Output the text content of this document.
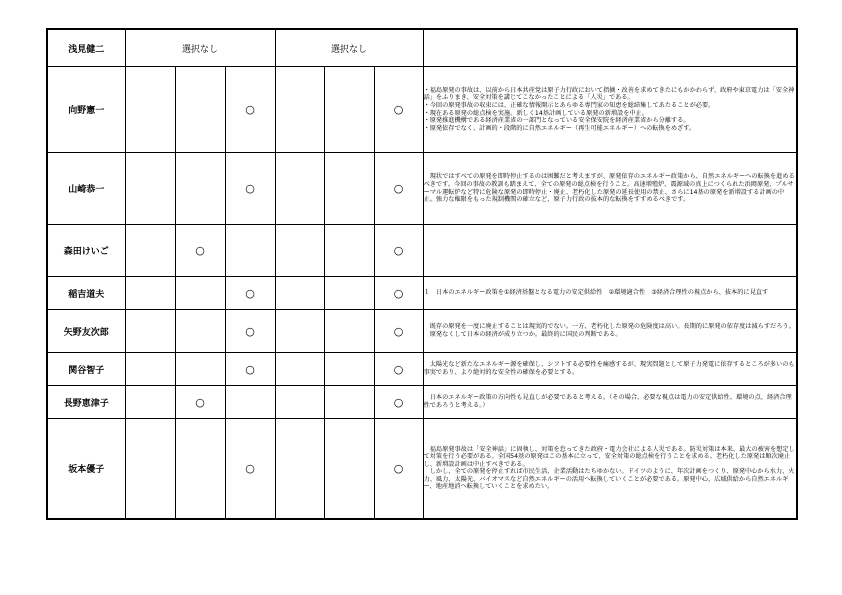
浅見健二	選択なし			選択なし			
向野憲一			○			○	・福島原発の事故は、以前から日本共産党は原子力行政において指摘・改善を求めてきたにもかかわらず、政府や東京電力は「安全神話」をふりまき、安全対策を講じてこなかったことによる「人災」である。
・今回の原発事故の収束には、正確な情報開示とあらゆる専門家の知恵を総結集してあたることが必要。
・現在ある原発の総点検を実施。新しく14基計画している原発の新増設を中止。
・原発推進機構である経済産業省の一部門となっている安全保安院を経済産業省から分離する。
・原発依存でなく、計画的・段階的に自然エネルギー（再生可能エネルギー）への転換をめざす。
山崎恭一			○			○	　現状ではすべての原発を即時停止するのは困難だと考えますが、原発依存のエネルギー政策から、自然エネルギーへの転換を進めるべきです。今回の事故の教訓も踏まえて、全ての原発の総点検を行うこと。高速増殖炉、震源域の真上につくられた浜岡原発、プルサーマル運転炉など特に危険な原発の即時停止・廃止、老朽化した原発の延長使用の禁止、さらに14基の原発を新増設する計画の中止。強力な権限をもった規制機関の確立など、原子力行政の抜本的な転換をすすめるべきです。
森田けいご		○				○	
稲吉道夫			○			○	１　日本のエネルギー政策を①経済基盤となる電力の安定供給性　②環境適合性　③経済合理性の視点から、抜本的に見直す
矢野友次郎			○			○	　既存の原発を一度に廃止することは現実的でない。一方、老朽化した原発の危険度は高い。長期的に原発の依存度は減らすだろう。
　原発なくして日本の経済が成り立つか。最終的に国民の判断である。
関谷智子			○			○	　太陽光など新たなエネルギー源を確保し、シフトする必要性を痛感するが、現実問題として原子力発電に依存するところが多いのも事実であり、より絶対的な安全性の確保を必要とする。
長野恵津子		○				○	　日本のエネルギー政策の方向性も見直しが必要であると考える。（その場合、必要な視点は電力の安定供給性、環境の点、経済合理性であろうと考える。）
坂本優子			○			○	　福島原発事故は「安全神話」に固執し、対策を怠ってきた政府・電力会社による人災である。防災対策は本来、最大の被害を想定して対策を行う必要がある。全国54基の原発はこの基本に立って、安全対策の総点検を行うことを求める。老朽化した原発は順次廃止し、新増設計画は中止すべきである。
　しかし、全ての原発を停止すれば市民生活、企業活動はたちゆかない。ドイツのように、年次計画をつくり、原発中心から水力、火力、風力、太陽光、バイオマスなど自然エネルギーの活用へ転換していくことが必要である。原発中心、広域供給から自然エネルギー、地産地消へ転換していくことを求めたい。
